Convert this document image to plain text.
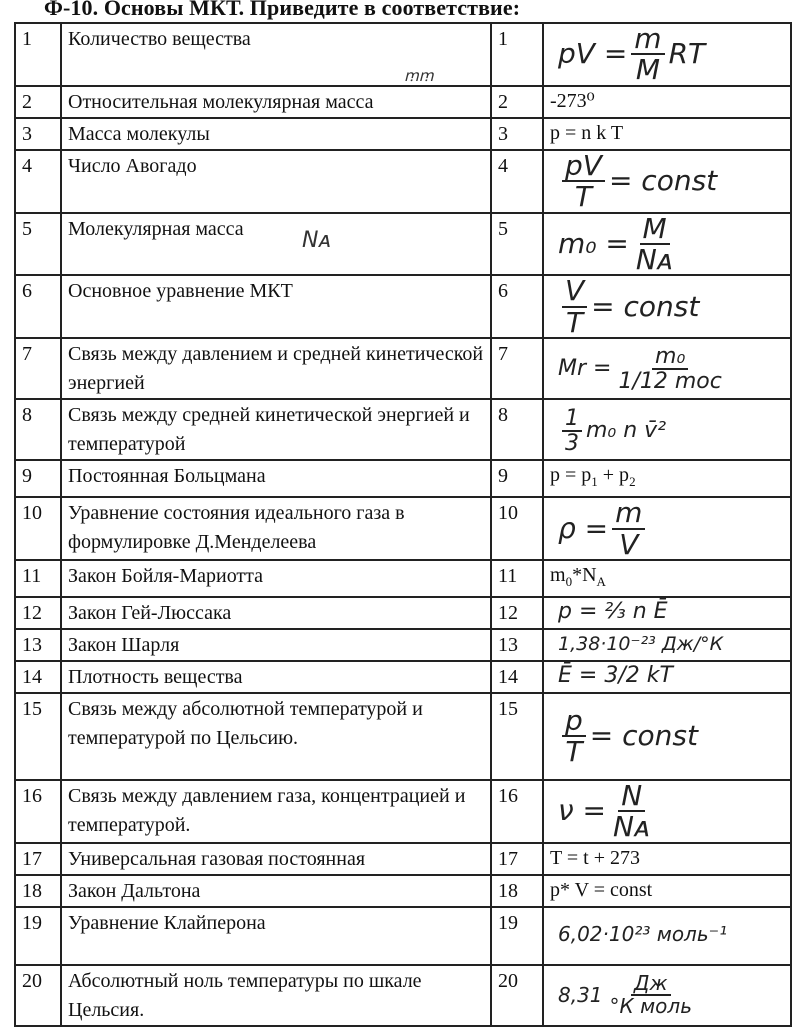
Ф-10. Основы МКТ. Приведите в соответствие:
1	Количество вещества	1	pV = $\frac{m}{M}$ RT

2	Относительная молекулярная масса	2	-273⁰
3	Масса молекулы	3	p = n k T
4	Число Авогадо	4	$\frac{pV}{T}$ = const

5	Молекулярная масса	5	$m_0 = \frac{M}{\text{Nᴀ}}$

6	Основное уравнение МКТ	6	$\frac{V}{T}$ = const

7	Связь между давлением и средней кинетической энергией	7	$Mr = \frac{\text{m₀}}{\text{1/12 mос}}$

8	Связь между средней кинетической энергией и температурой	8	$\frac{1}{3} m_0$ n v̄²

9	Постоянная Больцмана	9	$p = p_1 + p_2$
10	Уравнение состояния идеального газа в формулировке Д.Менделеева	10	$\rho = \frac{m}{V}$

11	Закон Бойля-Мариотта	11	$m_0*N_A$
12	Закон Гей-Люссака	12	p = ²⁄₃ n Ē

13	Закон Шарля	13	1,38·10⁻²³ Дж/°К

14	Плотность вещества	14	Ē = 3/2 kT

15	Связь между абсолютной температурой и температурой по Цельсию.	15	$\frac{p}{T}$ = const

16	Связь между давлением газа, концентрацией и температурой.	16	$\nu = \frac{N}{\text{Nᴀ}}$

17	Универсальная газовая постоянная	17	T = t + 273
18	Закон Дальтона	18	p* V = const
19	Уравнение Клайперона	19	6,02·10²³ моль⁻¹

20	Абсолютный ноль температуры по шкале Цельсия.	20	$8,31 \frac{Дж}{\text{°К моль}}$
ꭑꭑ
Nᴀ
